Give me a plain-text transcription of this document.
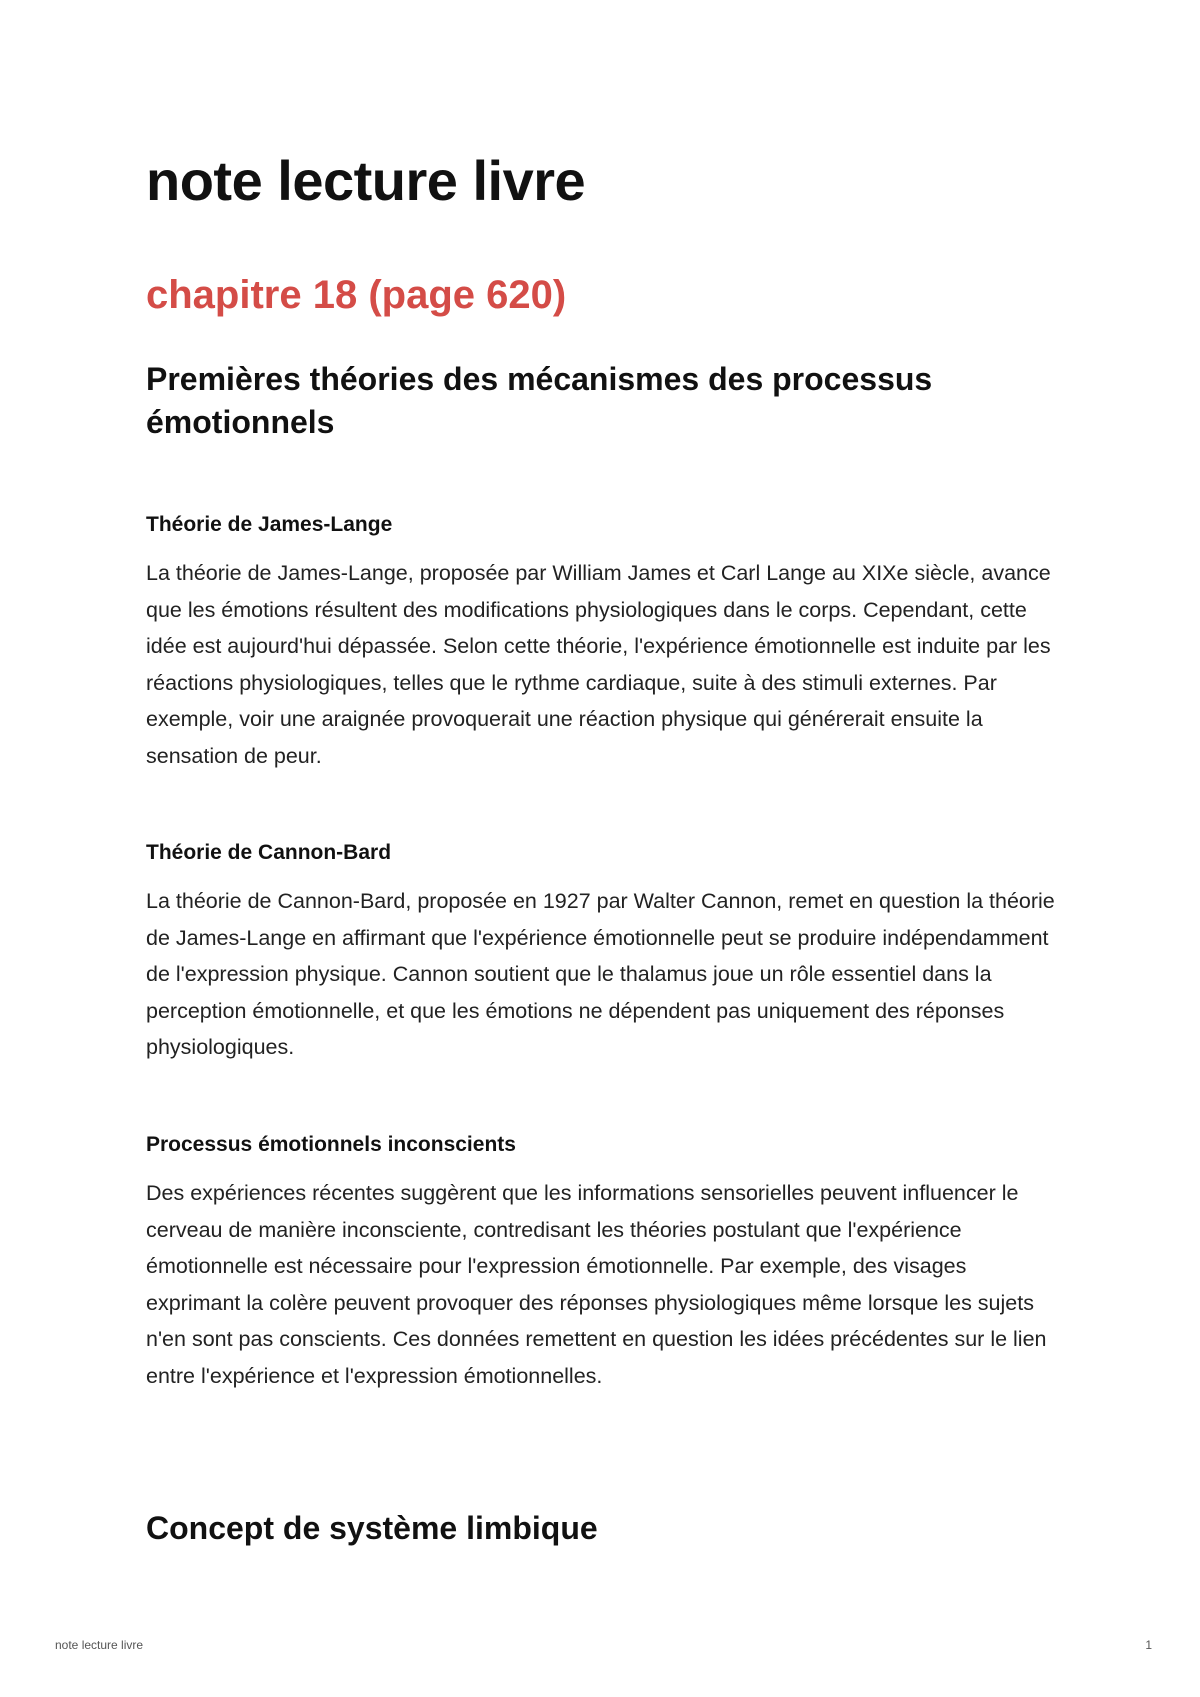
note lecture livre
chapitre 18 (page 620)
Premières théories des mécanismes des processus émotionnels
Théorie de James-Lange

La théorie de James-Lange, proposée par William James et Carl Lange au XIXe siècle, avance que les émotions résultent des modifications physiologiques dans le corps. Cependant, cette idée est aujourd'hui dépassée. Selon cette théorie, l'expérience émotionnelle est induite par les réactions physiologiques, telles que le rythme cardiaque, suite à des stimuli externes. Par exemple, voir une araignée provoquerait une réaction physique qui générerait ensuite la sensation de peur.

Théorie de Cannon-Bard

La théorie de Cannon-Bard, proposée en 1927 par Walter Cannon, remet en question la théorie de James-Lange en affirmant que l'expérience émotionnelle peut se produire indépendamment de l'expression physique. Cannon soutient que le thalamus joue un rôle essentiel dans la perception émotionnelle, et que les émotions ne dépendent pas uniquement des réponses physiologiques.

Processus émotionnels inconscients

Des expériences récentes suggèrent que les informations sensorielles peuvent influencer le cerveau de manière inconsciente, contredisant les théories postulant que l'expérience émotionnelle est nécessaire pour l'expression émotionnelle. Par exemple, des visages exprimant la colère peuvent provoquer des réponses physiologiques même lorsque les sujets n'en sont pas conscients. Ces données remettent en question les idées précédentes sur le lien entre l'expérience et l'expression émotionnelles.

Concept de système limbique
note lecture livre	1
